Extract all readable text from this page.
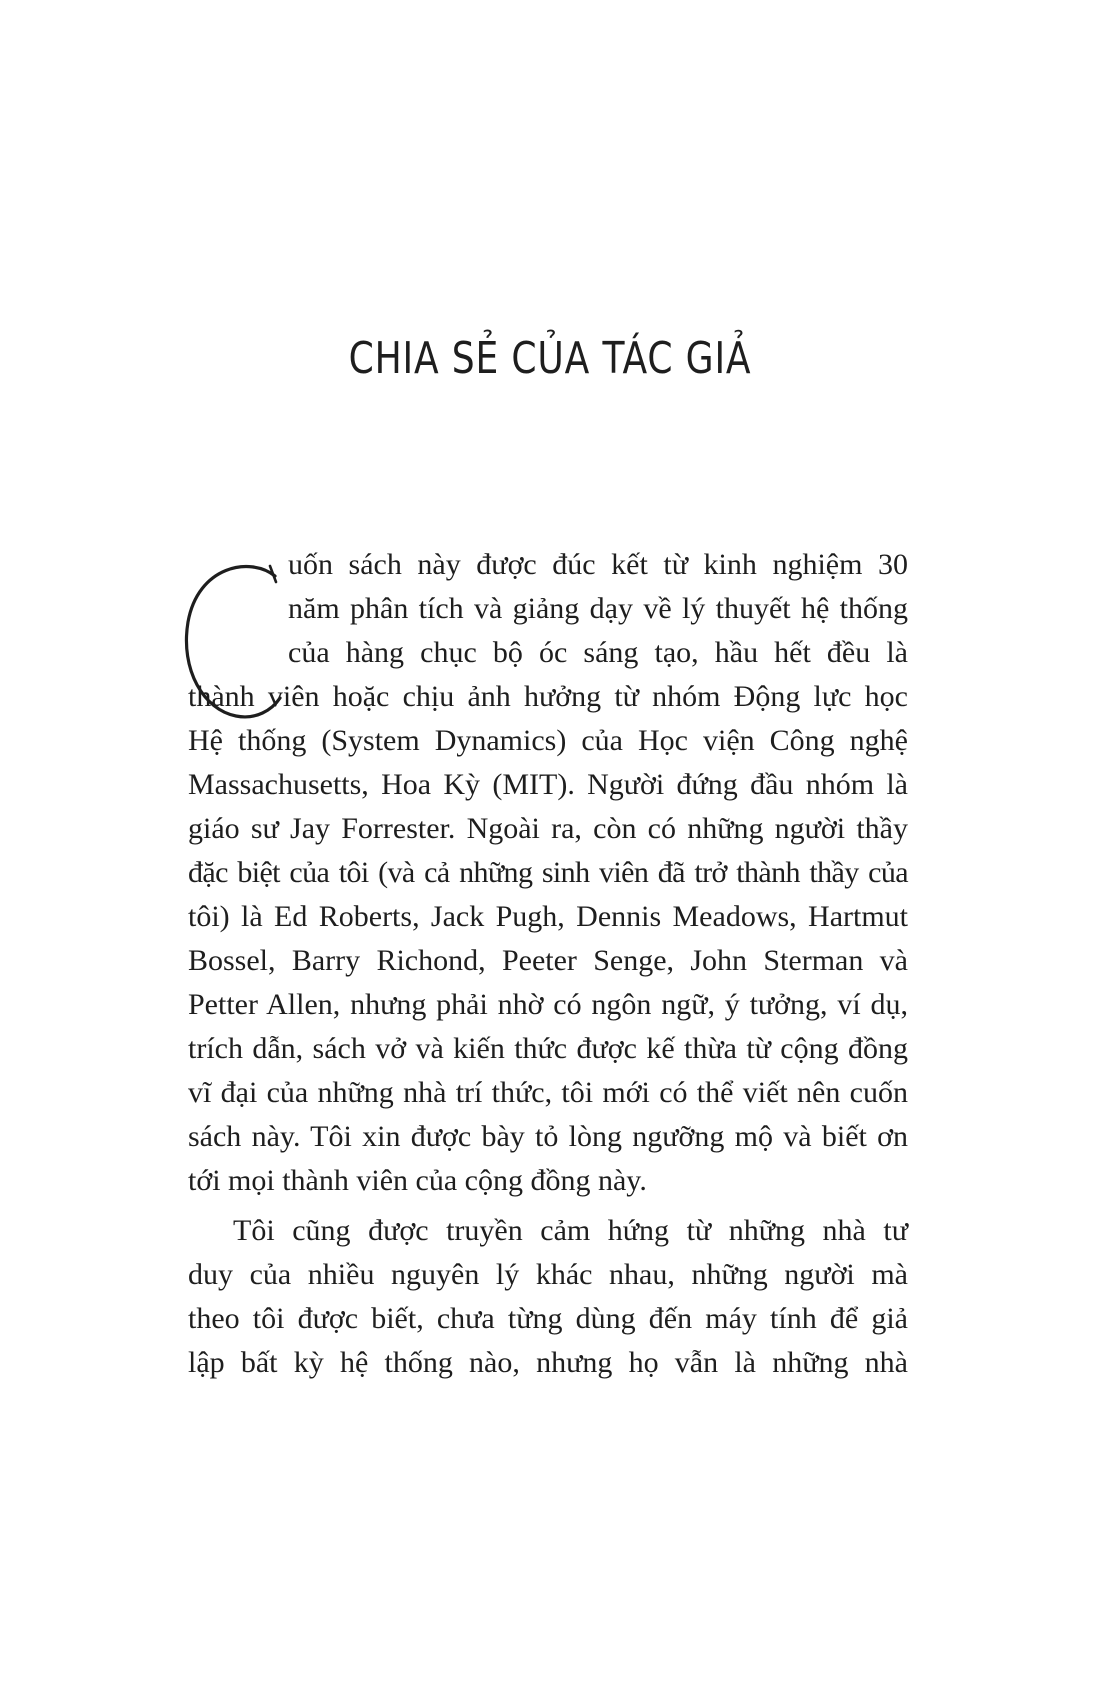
CHIA SẺ CỦA TÁC GIẢ
uốn sách này được đúc kết từ kinh nghiệm 30
năm phân tích và giảng dạy về lý thuyết hệ thống
của hàng chục bộ óc sáng tạo, hầu hết đều là
thành viên hoặc chịu ảnh hưởng từ nhóm Động lực học
Hệ thống (System Dynamics) của Học viện Công nghệ
Massachusetts, Hoa Kỳ (MIT). Người đứng đầu nhóm là
giáo sư Jay Forrester. Ngoài ra, còn có những người thầy
đặc biệt của tôi (và cả những sinh viên đã trở thành thầy của
tôi) là Ed Roberts, Jack Pugh, Dennis Meadows, Hartmut
Bossel, Barry Richond, Peeter Senge, John Sterman và
Petter Allen, nhưng phải nhờ có ngôn ngữ, ý tưởng, ví dụ,
trích dẫn, sách vở và kiến thức được kế thừa từ cộng đồng
vĩ đại của những nhà trí thức, tôi mới có thể viết nên cuốn
sách này. Tôi xin được bày tỏ lòng ngưỡng mộ và biết ơn
tới mọi thành viên của cộng đồng này.
Tôi cũng được truyền cảm hứng từ những nhà tư
duy của nhiều nguyên lý khác nhau, những người mà
theo tôi được biết, chưa từng dùng đến máy tính để giả
lập bất kỳ hệ thống nào, nhưng họ vẫn là những nhà
